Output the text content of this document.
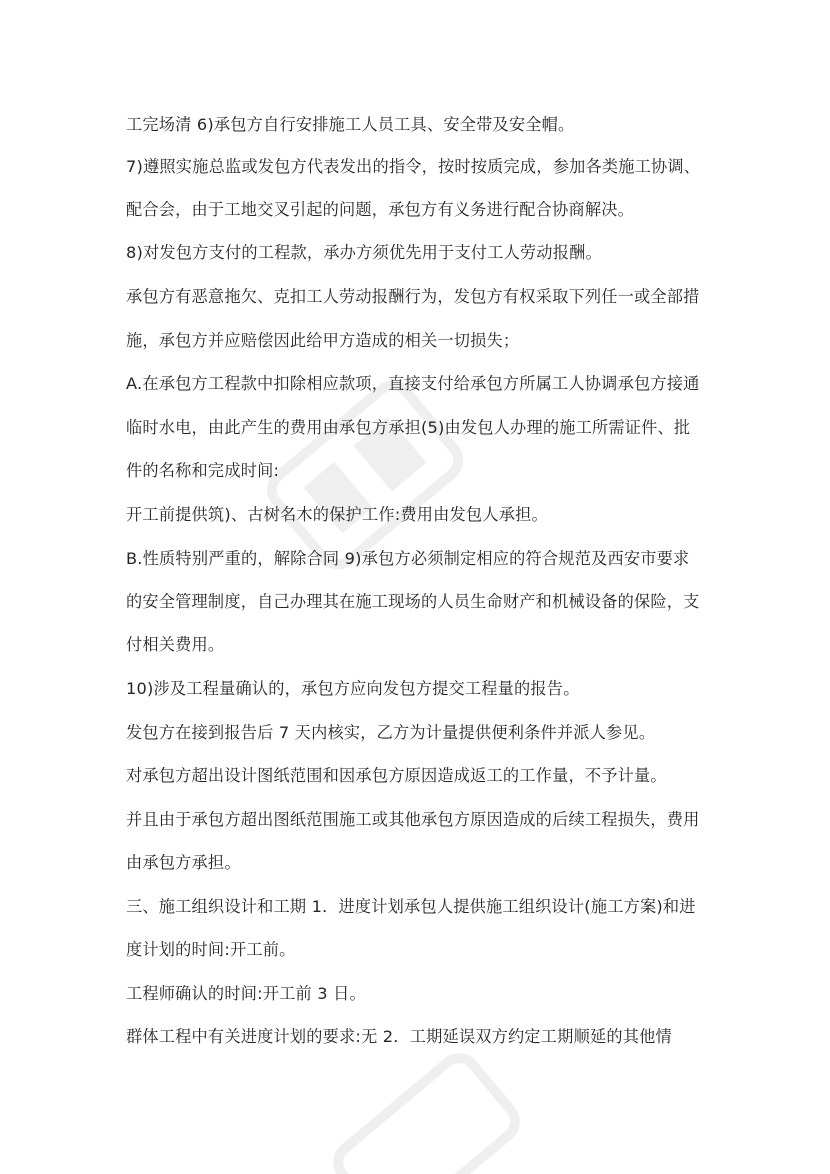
工完场清 6)承包方自行安排施工人员工具、安全带及安全帽。
7)遵照实施总监或发包方代表发出的指令，按时按质完成，参加各类施工协调、
配合会，由于工地交叉引起的问题，承包方有义务进行配合协商解决。
8)对发包方支付的工程款，承办方须优先用于支付工人劳动报酬。
承包方有恶意拖欠、克扣工人劳动报酬行为，发包方有权采取下列任一或全部措
施，承包方并应赔偿因此给甲方造成的相关一切损失；
A.在承包方工程款中扣除相应款项，直接支付给承包方所属工人协调承包方接通
临时水电，由此产生的费用由承包方承担(5)由发包人办理的施工所需证件、批
件的名称和完成时间:
开工前提供筑)、古树名木的保护工作:费用由发包人承担。
B.性质特别严重的，解除合同 9)承包方必须制定相应的符合规范及西安市要求
的安全管理制度，自己办理其在施工现场的人员生命财产和机械设备的保险，支
付相关费用。
10)涉及工程量确认的，承包方应向发包方提交工程量的报告。
发包方在接到报告后 7 天内核实，乙方为计量提供便利条件并派人参见。
对承包方超出设计图纸范围和因承包方原因造成返工的工作量，不予计量。
并且由于承包方超出图纸范围施工或其他承包方原因造成的后续工程损失，费用
由承包方承担。
三、施工组织设计和工期 1．进度计划承包人提供施工组织设计(施工方案)和进
度计划的时间:开工前。
工程师确认的时间:开工前 3 日。
群体工程中有关进度计划的要求:无 2．工期延误双方约定工期顺延的其他情
